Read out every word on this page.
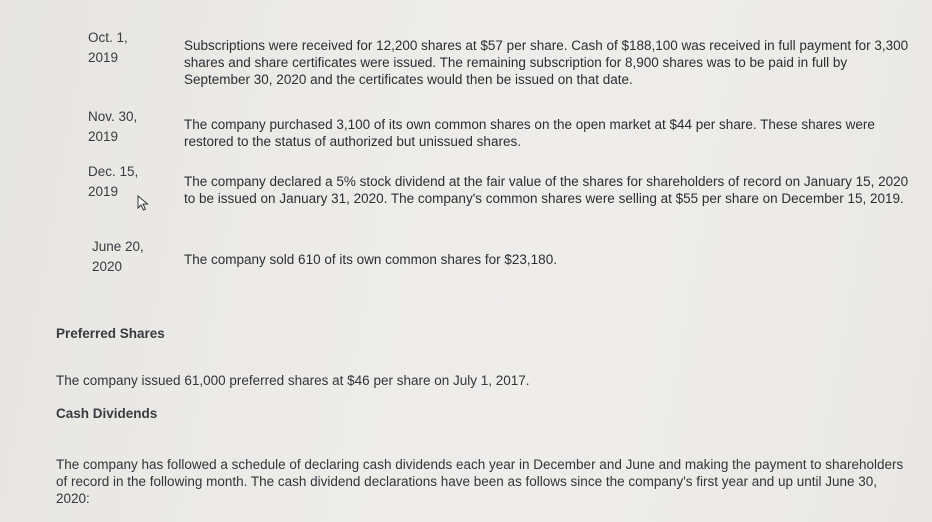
Oct. 1,
2019
Subscriptions were received for 12,200 shares at $57 per share. Cash of $188,100 was received in full payment for 3,300 shares and share certificates were issued. The remaining subscription for 8,900 shares was to be paid in full by September 30, 2020 and the certificates would then be issued on that date.
Nov. 30,
2019
The company purchased 3,100 of its own common shares on the open market at $44 per share. These shares were restored to the status of authorized but unissued shares.
Dec. 15,
2019
The company declared a 5% stock dividend at the fair value of the shares for shareholders of record on January 15, 2020 to be issued on January 31, 2020. The company's common shares were selling at $55 per share on December 15, 2019.
June 20,
2020	The company sold 610 of its own common shares for $23,180.
Preferred Shares
The company issued 61,000 preferred shares at $46 per share on July 1, 2017.
Cash Dividends
The company has followed a schedule of declaring cash dividends each year in December and June and making the payment to shareholders of record in the following month. The cash dividend declarations have been as follows since the company's first year and up until June 30, 2020:
